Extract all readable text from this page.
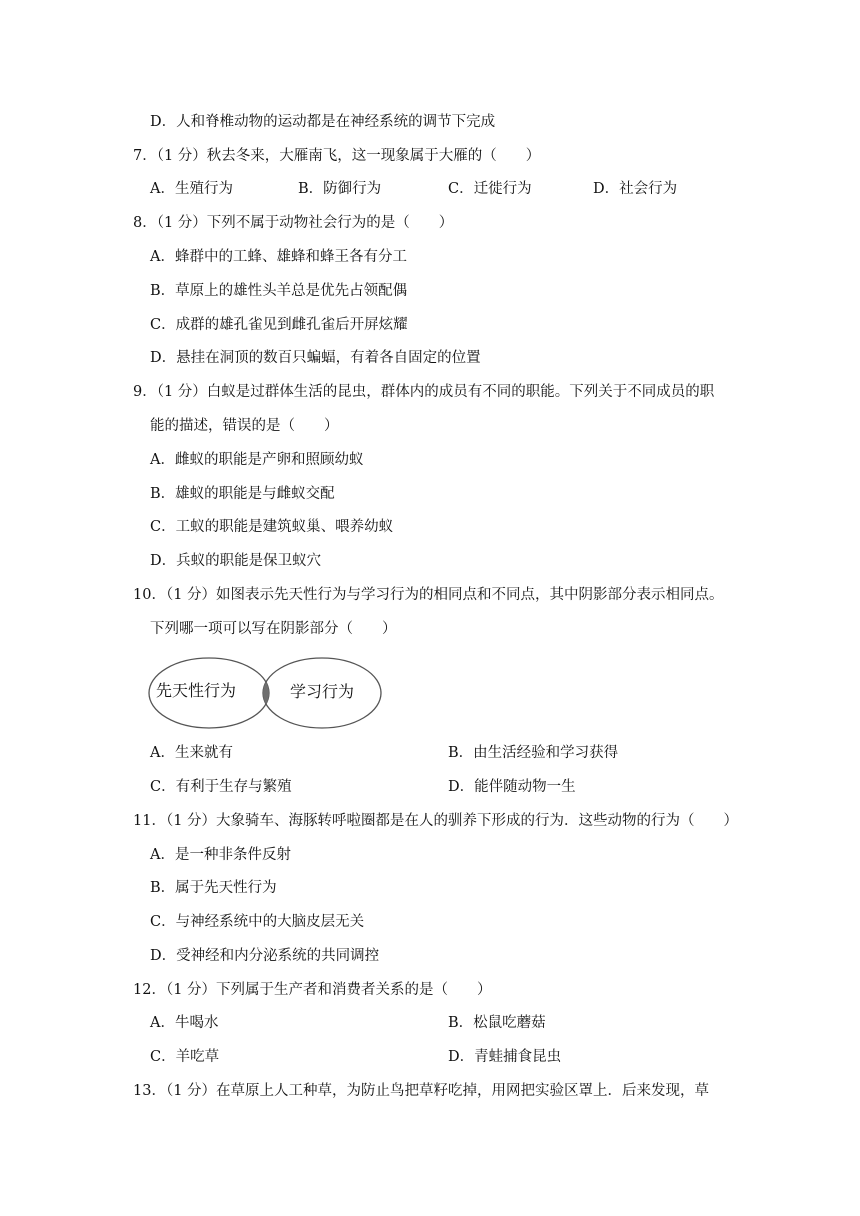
D．人和脊椎动物的运动都是在神经系统的调节下完成
7．（1 分）秋去冬来，大雁南飞，这一现象属于大雁的（　　）
A．生殖行为	B．防御行为	C．迁徙行为	D．社会行为
8．（1 分）下列不属于动物社会行为的是（　　）
A．蜂群中的工蜂、雄蜂和蜂王各有分工
B．草原上的雄性头羊总是优先占领配偶
C．成群的雄孔雀见到雌孔雀后开屏炫耀
D．悬挂在洞顶的数百只蝙蝠，有着各自固定的位置
9．（1 分）白蚁是过群体生活的昆虫，群体内的成员有不同的职能。下列关于不同成员的职
能的描述，错误的是（　　）
A．雌蚁的职能是产卵和照顾幼蚁
B．雄蚁的职能是与雌蚁交配
C．工蚁的职能是建筑蚁巢、喂养幼蚁
D．兵蚁的职能是保卫蚁穴
10．（1 分）如图表示先天性行为与学习行为的相同点和不同点，其中阴影部分表示相同点。
下列哪一项可以写在阴影部分（　　）
先天性行为	学习行为
A．生来就有	B．由生活经验和学习获得
C．有利于生存与繁殖	D．能伴随动物一生
11．（1 分）大象骑车、海豚转呼啦圈都是在人的驯养下形成的行为．这些动物的行为（　　）
A．是一种非条件反射
B．属于先天性行为
C．与神经系统中的大脑皮层无关
D．受神经和内分泌系统的共同调控
12．（1 分）下列属于生产者和消费者关系的是（　　）
A．牛喝水	B．松鼠吃蘑菇
C．羊吃草	D．青蛙捕食昆虫
13．（1 分）在草原上人工种草，为防止鸟把草籽吃掉，用网把实验区罩上．后来发现，草
